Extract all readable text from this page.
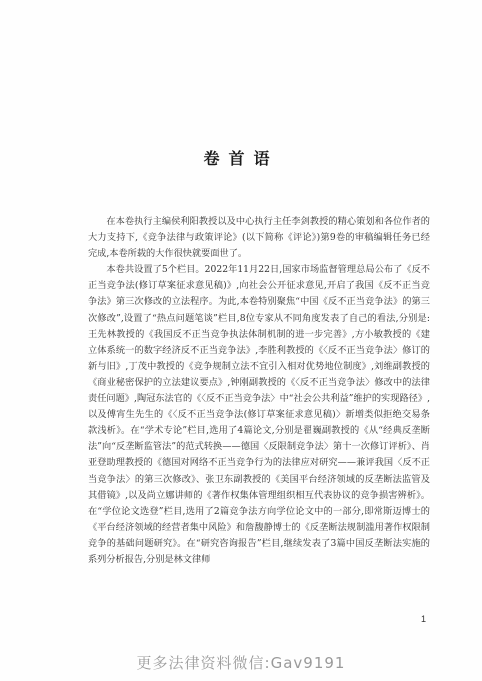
卷首语

在本卷执行主编侯利阳教授以及中心执行主任李剑教授的精心策划和各位作者的大力支持下,《竞争法律与政策评论》(以下简称《评论》)第9卷的审稿编辑任务已经完成,本卷所载的大作很快就要面世了。

本卷共设置了5个栏目。2022年11月22日,国家市场监督管理总局公布了《反不正当竞争法(修订草案征求意见稿)》,向社会公开征求意见,开启了我国《反不正当竞争法》第三次修改的立法程序。为此,本卷特别聚焦“中国《反不正当竞争法》的第三次修改”,设置了“热点问题笔谈”栏目,8位专家从不同角度发表了自己的看法,分别是:王先林教授的《我国反不正当竞争执法体制机制的进一步完善》,方小敏教授的《建立体系统一的数字经济反不正当竞争法》,李胜利教授的《〈反不正当竞争法〉修订的新与旧》,丁茂中教授的《竞争规制立法不宜引入相对优势地位制度》,刘维副教授的《商业秘密保护的立法建议要点》,钟刚副教授的《〈反不正当竞争法〉修改中的法律责任问题》,陶冠东法官的《〈反不正当竞争法〉中“社会公共利益”维护的实现路径》,以及傅宵生先生的《〈反不正当竞争法(修订草案征求意见稿)〉新增类似拒绝交易条款浅析》。在“学术专论”栏目,选用了4篇论文,分别是翟巍副教授的《从“经典反垄断法”向“反垄断监管法”的范式转换——德国〈反限制竞争法〉第十一次修订评析》、肖亚登助理教授的《德国对网络不正当竞争行为的法律应对研究——兼评我国〈反不正当竞争法〉的第三次修改》、张卫东副教授的《美国平台经济领域的反垄断法监管及其借镜》,以及尚立娜讲师的《著作权集体管理组织相互代表协议的竞争损害辨析》。在“学位论文选登”栏目,选用了2篇竞争法方向学位论文中的一部分,即常斯迈博士的《平台经济领域的经营者集中风险》和詹馥静博士的《反垄断法规制滥用著作权限制竞争的基础问题研究》。在“研究咨询报告”栏目,继续发表了3篇中国反垄断法实施的系列分析报告,分别是林文律师

1
更多法律资料微信:Gav9191
